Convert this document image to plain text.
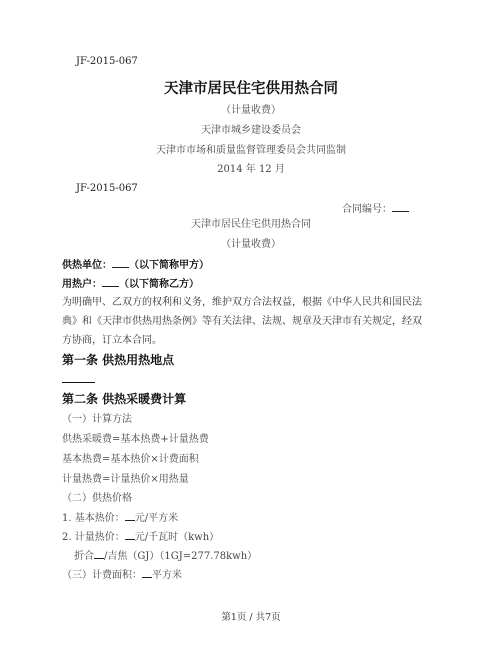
JF-2015-067
天津市居民住宅供用热合同
（计量收费）
天津市城乡建设委员会
天津市市场和质量监督管理委员会共同监制
2014 年 12 月
JF-2015-067
合同编号：
天津市居民住宅供用热合同
（计量收费）
供热单位： （以下简称甲方）
用热户： （以下简称乙方）
为明确甲、乙双方的权利和义务，维护双方合法权益，根据《中华人民共和国民法
典》和《天津市供热用热条例》等有关法律、法规、规章及天津市有关规定，经双
方协商，订立本合同。
第一条 供热用热地点
第二条 供热采暖费计算
（一）计算方法
供热采暖费=基本热费+计量热费
基本热费=基本热价×计费面积
计量热费=计量热价×用热量
（二）供热价格
1. 基本热价： 元/平方米
2. 计量热价： 元/千瓦时（kwh）
折合 /吉焦（GJ）（1GJ=277.78kwh）
（三）计费面积： 平方米
第1页 / 共7页
